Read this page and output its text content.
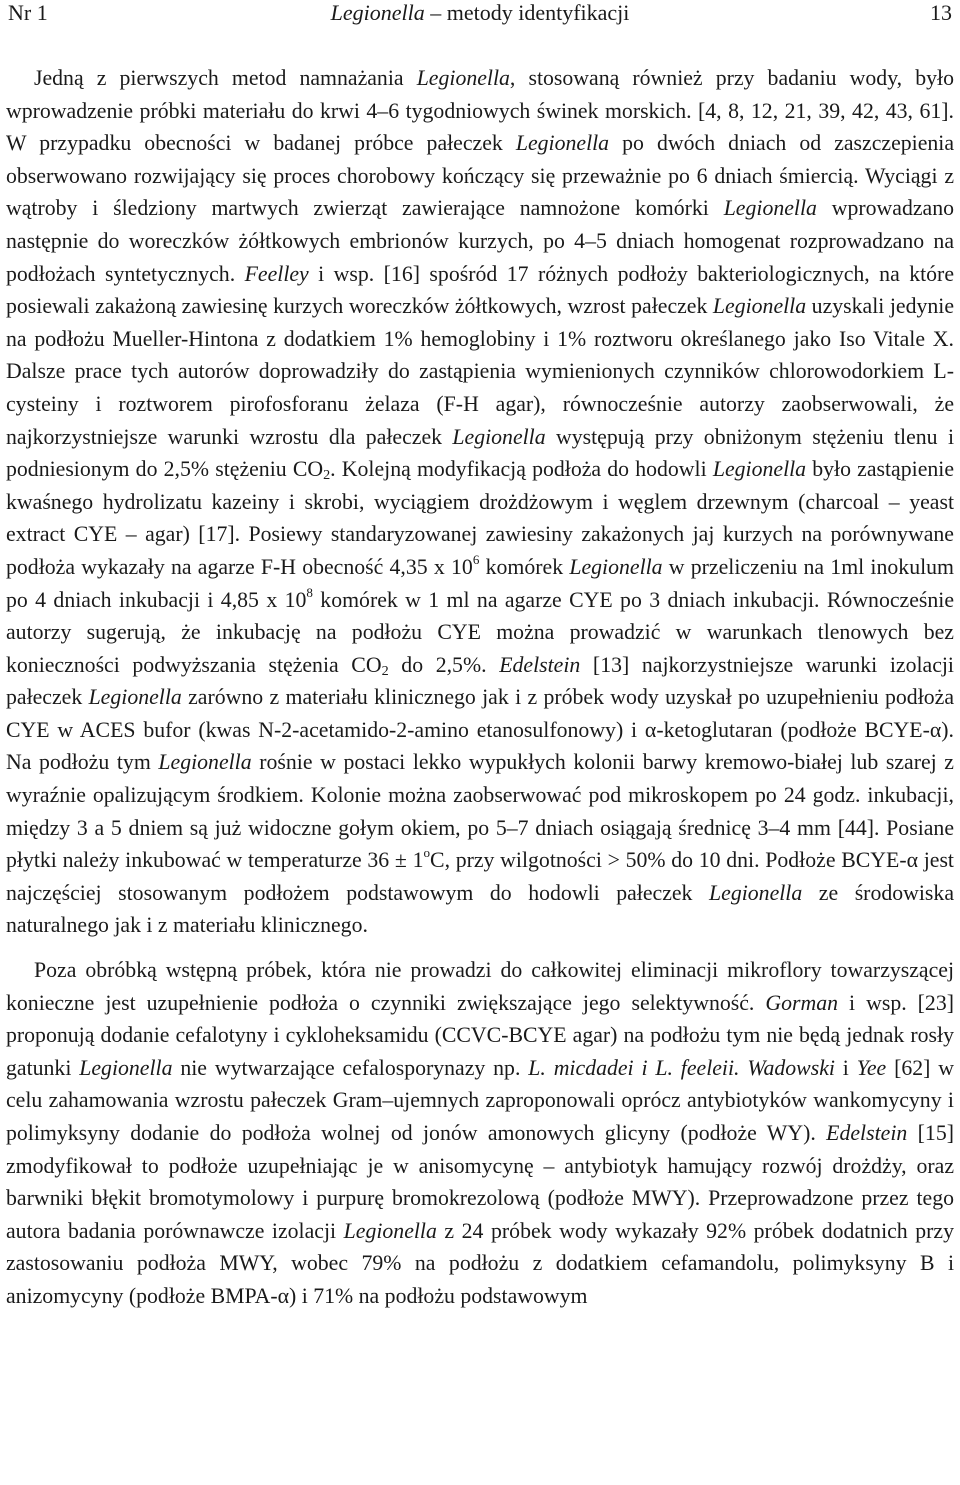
Nr 1	Legionella – metody identyfikacji	13

Jedną z pierwszych metod namnażania Legionella, stosowaną również przy badaniu wody, było wprowadzenie próbki materiału do krwi 4–6 tygodniowych świnek morskich. [4, 8, 12, 21, 39, 42, 43, 61]. W przypadku obecności w badanej próbce pałeczek Legionella po dwóch dniach od zaszczepienia obserwowano rozwijający się proces chorobowy kończący się przeważnie po 6 dniach śmiercią. Wyciągi z wątroby i śledziony martwych zwierząt zawierające namnożone komórki Legionella wprowadzano następnie do woreczków żółtkowych embrionów kurzych, po 4–5 dniach homogenat rozprowadzano na podłożach syntetycznych. Feelley i wsp. [16] spośród 17 różnych podłoży bakteriologicznych, na które posiewali zakażoną zawiesinę kurzych woreczków żółtkowych, wzrost pałeczek Legionella uzyskali jedynie na podłożu Mueller-Hintona z dodatkiem 1% hemoglobiny i 1% roztworu określanego jako Iso Vitale X. Dalsze prace tych autorów doprowadziły do zastąpienia wymienionych czynników chlorowodorkiem L-cysteiny i roztworem pirofosforanu żelaza (F-H agar), równocześnie autorzy zaobserwowali, że najkorzystniejsze warunki wzrostu dla pałeczek Legionella występują przy obniżonym stężeniu tlenu i podniesionym do 2,5% stężeniu $CO_2$. Kolejną modyfikacją podłoża do hodowli Legionella było zastąpienie kwaśnego hydrolizatu kazeiny i skrobi, wyciągiem drożdżowym i węglem drzewnym (charcoal – yeast extract CYE – agar) [17]. Posiewy standaryzowanej zawiesiny zakażonych jaj kurzych na porównywane podłoża wykazały na agarze F-H obecność 4,35 x $10^6$ komórek Legionella w przeliczeniu na 1ml inokulum po 4 dniach inkubacji i 4,85 x $10^8$ komórek w 1 ml na agarze CYE po 3 dniach inkubacji. Równocześnie autorzy sugerują, że inkubację na podłożu CYE można prowadzić w warunkach tlenowych bez konieczności podwyższania stężenia $CO_2$ do 2,5%. Edelstein [13] najkorzystniejsze warunki izolacji pałeczek Legionella zarówno z materiału klinicznego jak i z próbek wody uzyskał po uzupełnieniu podłoża CYE w ACES bufor (kwas N-2-acetamido-2-amino etanosulfonowy) i α-ketoglutaran (podłoże BCYE-α). Na podłożu tym Legionella rośnie w postaci lekko wypukłych kolonii barwy kremowo-białej lub szarej z wyraźnie opalizującym środkiem. Kolonie można zaobserwować pod mikroskopem po 24 godz. inkubacji, między 3 a 5 dniem są już widoczne gołym okiem, po 5–7 dniach osiągają średnicę 3–4 mm [44]. Posiane płytki należy inkubować w temperaturze $36 \pm 1^oC$, przy wilgotności > 50% do 10 dni. Podłoże BCYE-α jest najczęściej stosowanym podłożem podstawowym do hodowli pałeczek Legionella ze środowiska naturalnego jak i z materiału klinicznego.

Poza obróbką wstępną próbek, która nie prowadzi do całkowitej eliminacji mikroflory towarzyszącej konieczne jest uzupełnienie podłoża o czynniki zwiększające jego selektywność. Gorman i wsp. [23] proponują dodanie cefalotyny i cykloheksamidu (CCVC-BCYE agar) na podłożu tym nie będą jednak rosły gatunki Legionella nie wytwarzające cefalosporynazy np. L. micdadei i L. feeleii. Wadowski i Yee [62] w celu zahamowania wzrostu pałeczek Gram–ujemnych zaproponowali oprócz antybiotyków wankomycyny i polimyksyny dodanie do podłoża wolnej od jonów amonowych glicyny (podłoże WY). Edelstein [15] zmodyfikował to podłoże uzupełniając je w anisomycynę – antybiotyk hamujący rozwój drożdży, oraz barwniki błękit bromotymolowy i purpurę bromokrezolową (podłoże MWY). Przeprowadzone przez tego autora badania porównawcze izolacji Legionella z 24 próbek wody wykazały 92% próbek dodatnich przy zastosowaniu podłoża MWY, wobec 79% na podłożu z dodatkiem cefamandolu, polimyksyny B i anizomycyny (podłoże BMPA-α) i 71% na podłożu podstawowym
